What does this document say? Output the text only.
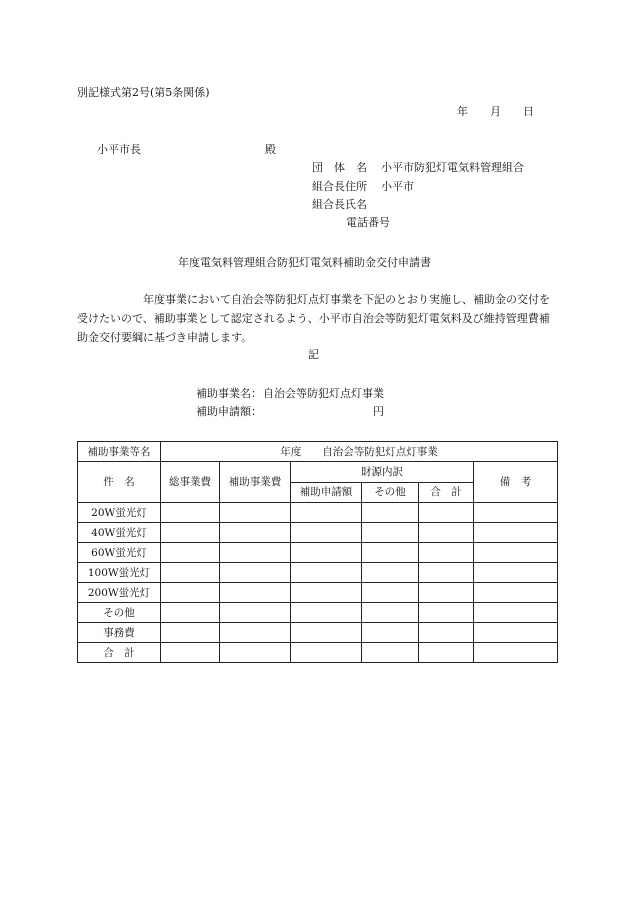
別記様式第2号(第5条関係)
年　　月　　日
小平市長	殿
団　体　名 小平市防犯灯電気料管理組合
組合長住所 小平市
組合長氏名
電話番号
年度電気料管理組合防犯灯電気料補助金交付申請書
　　　　　　年度事業において自治会等防犯灯点灯事業を下記のとおり実施し、補助金の交付を受けたいので、補助事業として認定されるよう、小平市自治会等防犯灯電気料及び維持管理費補助金交付要綱に基づき申請します。
記
補助事業名：自治会等防犯灯点灯事業
補助申請額：	円
補助事業等名	年度　　自治会等防犯灯点灯事業					
件　名	総事業費	補助事業費	財源内訳			備　考
			補助申請額	その他	合　計	
20W蛍光灯						
40W蛍光灯						
60W蛍光灯						
100W蛍光灯						
200W蛍光灯						
その他						
事務費						
合　計						
